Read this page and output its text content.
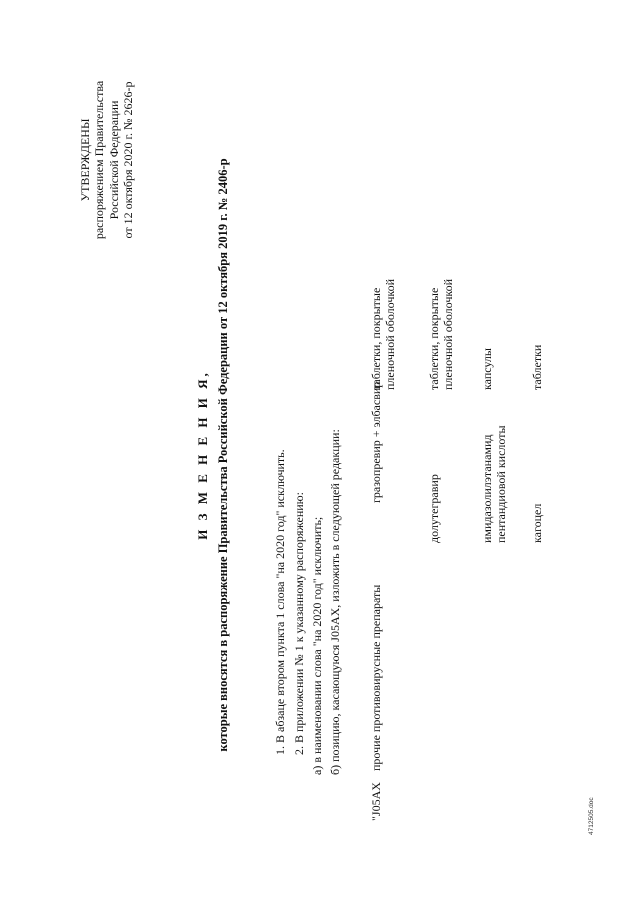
УТВЕРЖДЕНЫ распоряжением Правительства Российской Федерации от 12 октября 2020 г. № 2626-р
И З М Е Н Е Н И Я, которые вносятся в распоряжение Правительства Российской Федерации от 12 октября 2019 г. № 2406-р	1. В абзаце втором пункта 1 слова "на 2020 год" исключить. 2. В приложении № 1 к указанному распоряжению: а) в наименовании слова "на 2020 год" исключить; б) позицию, касающуюся J05AX, изложить в следующей редакции:
"J05AX
прочие противовирусные препараты
гразопревир + элбасвир
таблетки, покрытые пленочной оболочкой
долутегравир
таблетки, покрытые пленочной оболочкой
имидазолилэтанамид пентандиовой кислоты
капсулы
кагоцел
таблетки
4712505.doc
